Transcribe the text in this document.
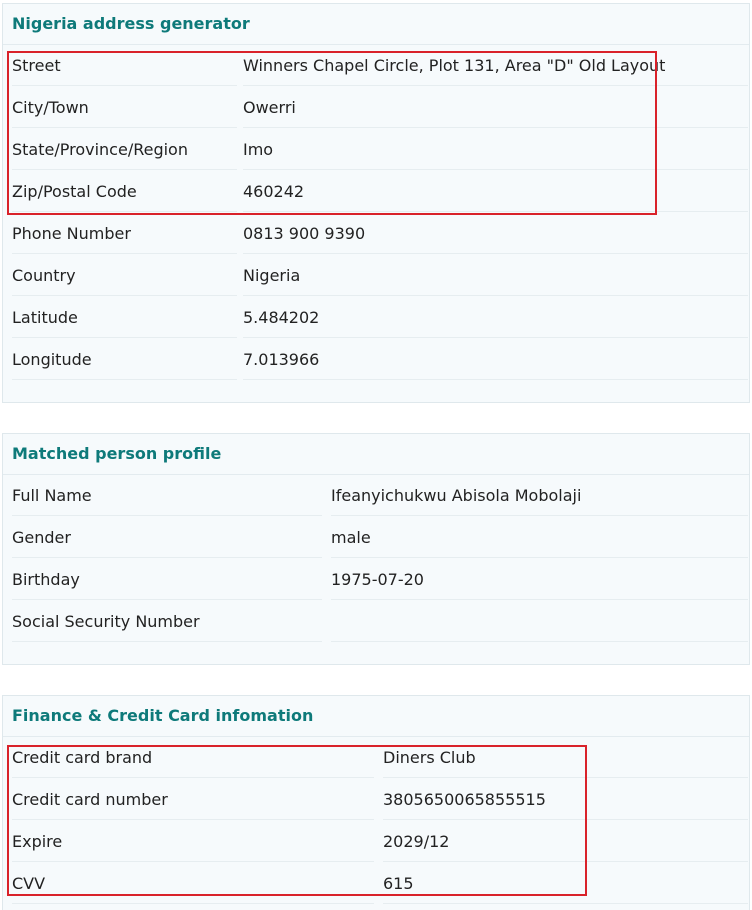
Nigeria address generator
Street	Winners Chapel Circle, Plot 131, Area "D" Old Layout
City/Town	Owerri
State/Province/Region	Imo
Zip/Postal Code	460242
Phone Number	0813 900 9390
Country	Nigeria
Latitude	5.484202
Longitude	7.013966
Matched person profile
Full Name	Ifeanyichukwu Abisola Mobolaji
Gender	male
Birthday	1975-07-20
Social Security Number
Finance & Credit Card infomation
Credit card brand	Diners Club
Credit card number	3805650065855515
Expire	2029/12
CVV	615
